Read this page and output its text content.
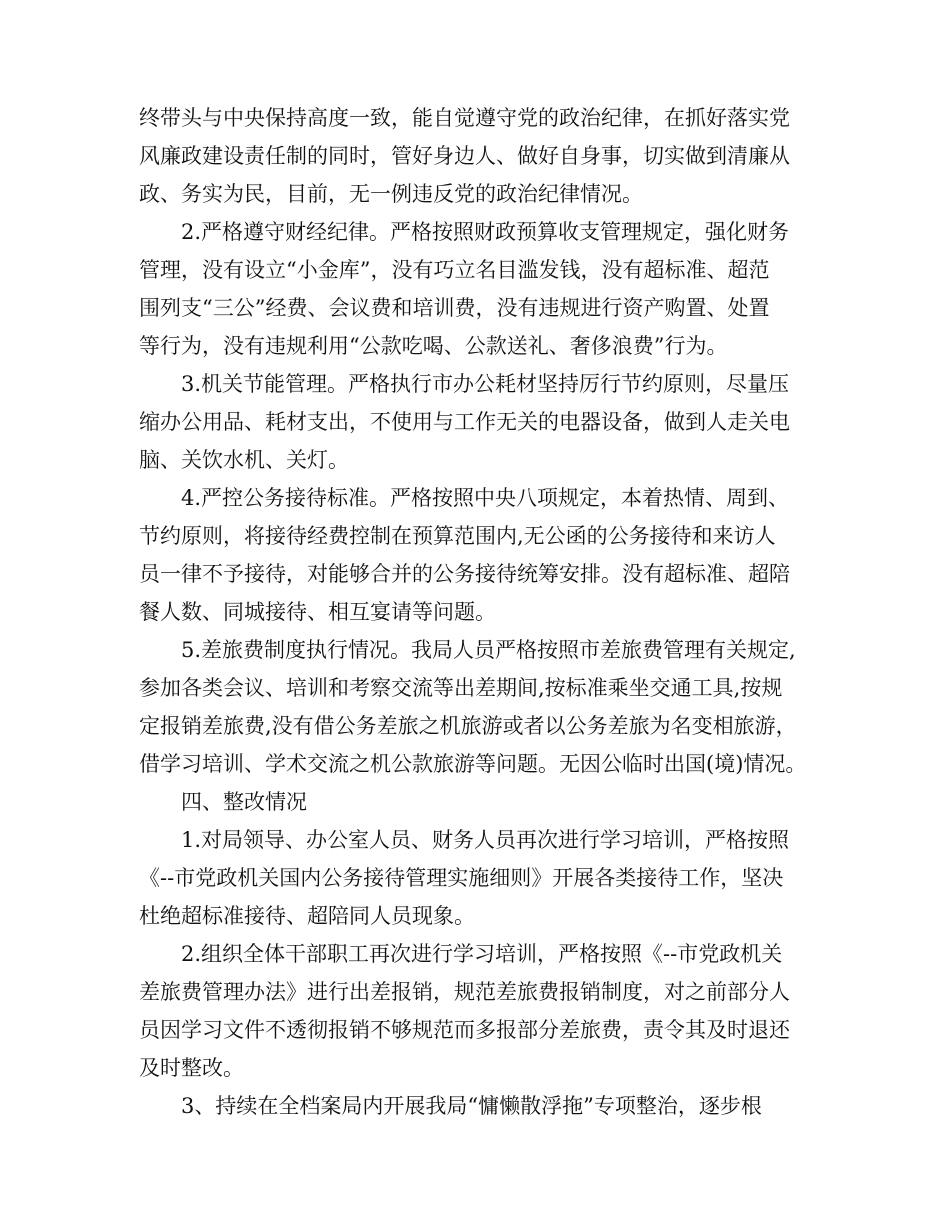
终带头与中央保持高度一致，能自觉遵守党的政治纪律，在抓好落实党
风廉政建设责任制的同时，管好身边人、做好自身事，切实做到清廉从
政、务实为民，目前，无一例违反党的政治纪律情况。
2.严格遵守财经纪律。严格按照财政预算收支管理规定，强化财务
管理，没有设立“小金库”，没有巧立名目滥发钱，没有超标准、超范
围列支“三公”经费、会议费和培训费，没有违规进行资产购置、处置
等行为，没有违规利用“公款吃喝、公款送礼、奢侈浪费”行为。
3.机关节能管理。严格执行市办公耗材坚持厉行节约原则，尽量压
缩办公用品、耗材支出，不使用与工作无关的电器设备，做到人走关电
脑、关饮水机、关灯。
4.严控公务接待标准。严格按照中央八项规定，本着热情、周到、
节约原则，将接待经费控制在预算范围内,无公函的公务接待和来访人
员一律不予接待，对能够合并的公务接待统筹安排。没有超标准、超陪
餐人数、同城接待、相互宴请等问题。
5.差旅费制度执行情况。我局人员严格按照市差旅费管理有关规定,
参加各类会议、培训和考察交流等出差期间,按标准乘坐交通工具,按规
定报销差旅费,没有借公务差旅之机旅游或者以公务差旅为名变相旅游，
借学习培训、学术交流之机公款旅游等问题。无因公临时出国(境)情况。
四、整改情况
1.对局领导、办公室人员、财务人员再次进行学习培训，严格按照
《--市党政机关国内公务接待管理实施细则》开展各类接待工作，坚决
杜绝超标准接待、超陪同人员现象。
2.组织全体干部职工再次进行学习培训，严格按照《--市党政机关
差旅费管理办法》进行出差报销，规范差旅费报销制度，对之前部分人
员因学习文件不透彻报销不够规范而多报部分差旅费，责令其及时退还
及时整改。
3、持续在全档案局内开展我局“慵懒散浮拖”专项整治，逐步根
